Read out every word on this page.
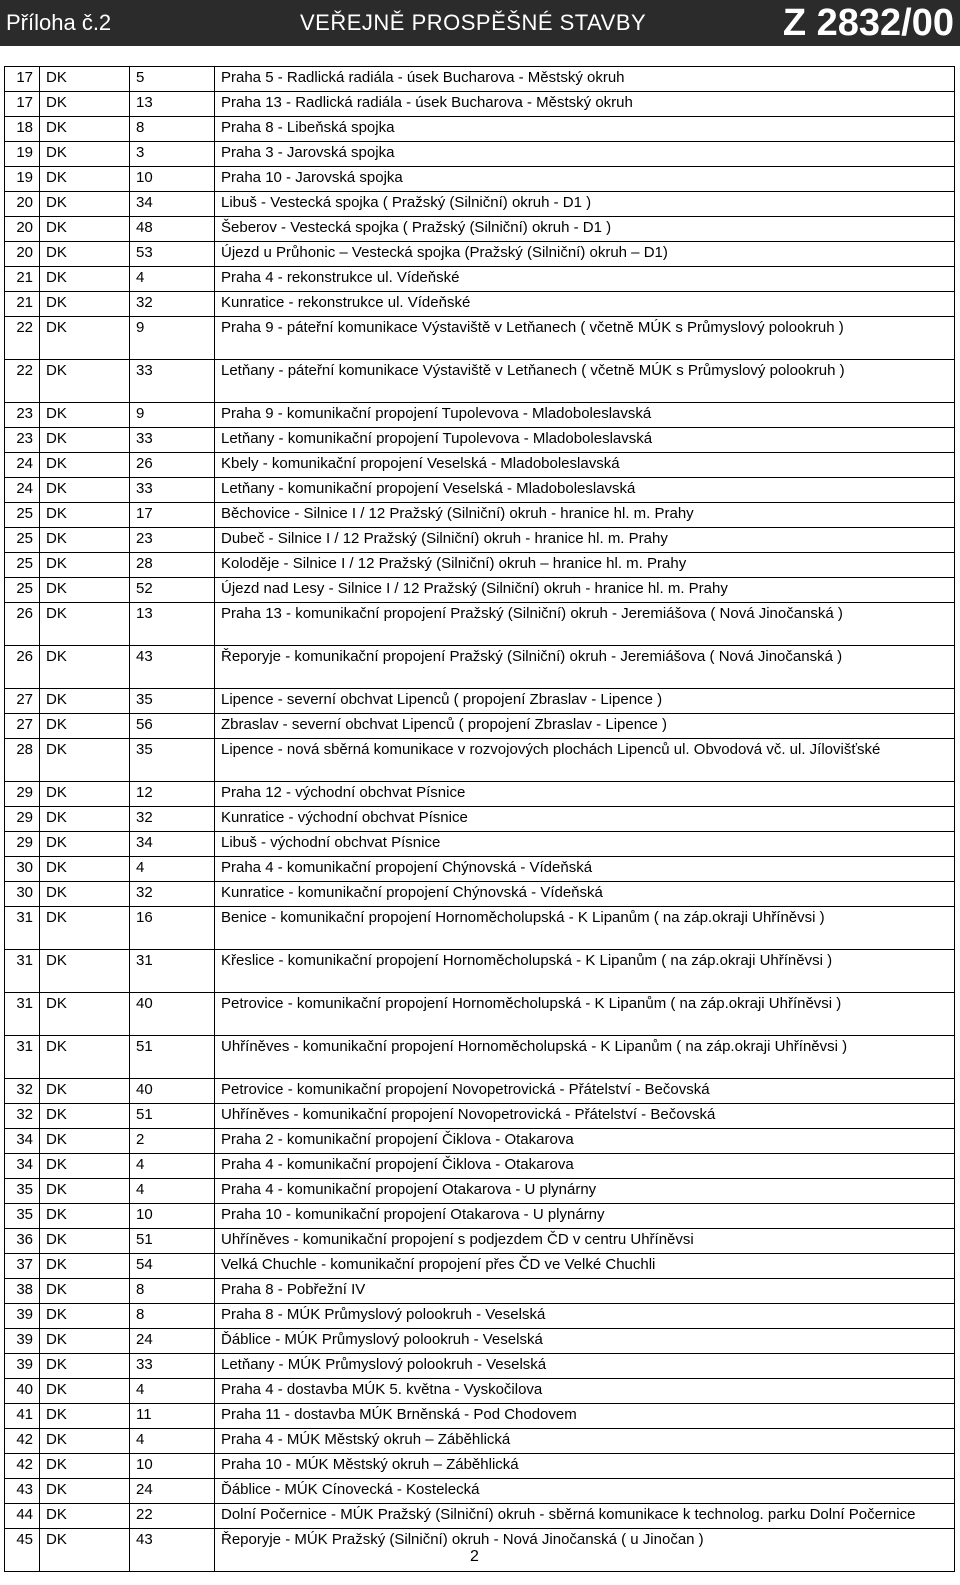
Příloha č.2	VEŘEJNĚ PROSPĚŠNÉ STAVBY	Z 2832/00
17	DK	5	Praha 5 - Radlická radiála - úsek Bucharova - Městský okruh
17	DK	13	Praha 13 - Radlická radiála - úsek Bucharova - Městský okruh
18	DK	8	Praha 8 - Libeňská spojka
19	DK	3	Praha 3 - Jarovská spojka
19	DK	10	Praha 10 - Jarovská spojka
20	DK	34	Libuš - Vestecká spojka ( Pražský (Silniční) okruh - D1 )
20	DK	48	Šeberov - Vestecká spojka ( Pražský (Silniční) okruh - D1 )
20	DK	53	Újezd u Průhonic – Vestecká spojka (Pražský (Silniční) okruh – D1)
21	DK	4	Praha 4 - rekonstrukce ul. Vídeňské
21	DK	32	Kunratice - rekonstrukce ul. Vídeňské
22	DK	9	Praha 9 - páteřní komunikace Výstaviště v Letňanech ( včetně MÚK s Průmyslový polookruh )
22	DK	33	Letňany - páteřní komunikace Výstaviště v Letňanech ( včetně MÚK s Průmyslový polookruh )
23	DK	9	Praha 9 - komunikační propojení Tupolevova - Mladoboleslavská
23	DK	33	Letňany - komunikační propojení Tupolevova - Mladoboleslavská
24	DK	26	Kbely - komunikační propojení Veselská - Mladoboleslavská
24	DK	33	Letňany - komunikační propojení Veselská - Mladoboleslavská
25	DK	17	Běchovice - Silnice I / 12 Pražský (Silniční) okruh - hranice hl. m. Prahy
25	DK	23	Dubeč - Silnice I / 12 Pražský (Silniční) okruh - hranice hl. m. Prahy
25	DK	28	Koloděje - Silnice I / 12 Pražský (Silniční) okruh – hranice hl. m. Prahy
25	DK	52	Újezd nad Lesy - Silnice I / 12 Pražský (Silniční) okruh - hranice hl. m. Prahy
26	DK	13	Praha 13 - komunikační propojení Pražský (Silniční) okruh - Jeremiášova ( Nová Jinočanská )
26	DK	43	Řeporyje - komunikační propojení Pražský (Silniční) okruh - Jeremiášova ( Nová Jinočanská )
27	DK	35	Lipence - severní obchvat Lipenců ( propojení Zbraslav - Lipence )
27	DK	56	Zbraslav - severní obchvat Lipenců ( propojení Zbraslav - Lipence )
28	DK	35	Lipence - nová sběrná komunikace v rozvojových plochách Lipenců ul. Obvodová vč. ul. Jílovišťské
29	DK	12	Praha 12 - východní obchvat Písnice
29	DK	32	Kunratice - východní obchvat Písnice
29	DK	34	Libuš - východní obchvat Písnice
30	DK	4	Praha 4 - komunikační propojení Chýnovská - Vídeňská
30	DK	32	Kunratice - komunikační propojení Chýnovská - Vídeňská
31	DK	16	Benice - komunikační propojení Hornoměcholupská - K Lipanům ( na záp.okraji Uhříněvsi )
31	DK	31	Křeslice - komunikační propojení Hornoměcholupská - K Lipanům ( na záp.okraji Uhříněvsi )
31	DK	40	Petrovice - komunikační propojení Hornoměcholupská - K Lipanům ( na záp.okraji Uhříněvsi )
31	DK	51	Uhříněves - komunikační propojení Hornoměcholupská - K Lipanům ( na záp.okraji Uhříněvsi )
32	DK	40	Petrovice - komunikační propojení Novopetrovická - Přátelství - Bečovská
32	DK	51	Uhříněves - komunikační propojení Novopetrovická - Přátelství - Bečovská
34	DK	2	Praha 2 - komunikační propojení Čiklova - Otakarova
34	DK	4	Praha 4 - komunikační propojení Čiklova - Otakarova
35	DK	4	Praha 4 - komunikační propojení Otakarova - U plynárny
35	DK	10	Praha 10 - komunikační propojení Otakarova - U plynárny
36	DK	51	Uhříněves - komunikační propojení s podjezdem ČD v centru Uhříněvsi
37	DK	54	Velká Chuchle - komunikační propojení přes ČD ve Velké Chuchli
38	DK	8	Praha 8 - Pobřežní IV
39	DK	8	Praha 8 - MÚK Průmyslový polookruh - Veselská
39	DK	24	Ďáblice - MÚK Průmyslový polookruh - Veselská
39	DK	33	Letňany - MÚK Průmyslový polookruh - Veselská
40	DK	4	Praha 4 - dostavba MÚK 5. května - Vyskočilova
41	DK	11	Praha 11 - dostavba MÚK Brněnská - Pod Chodovem
42	DK	4	Praha 4 - MÚK Městský okruh – Záběhlická
42	DK	10	Praha 10 - MÚK Městský okruh – Záběhlická
43	DK	24	Ďáblice - MÚK Cínovecká - Kostelecká
44	DK	22	Dolní Počernice - MÚK Pražský (Silniční) okruh - sběrná komunikace k technolog. parku Dolní Počernice
45	DK	43	Řeporyje - MÚK Pražský (Silniční) okruh - Nová Jinočanská ( u Jinočan )
2
